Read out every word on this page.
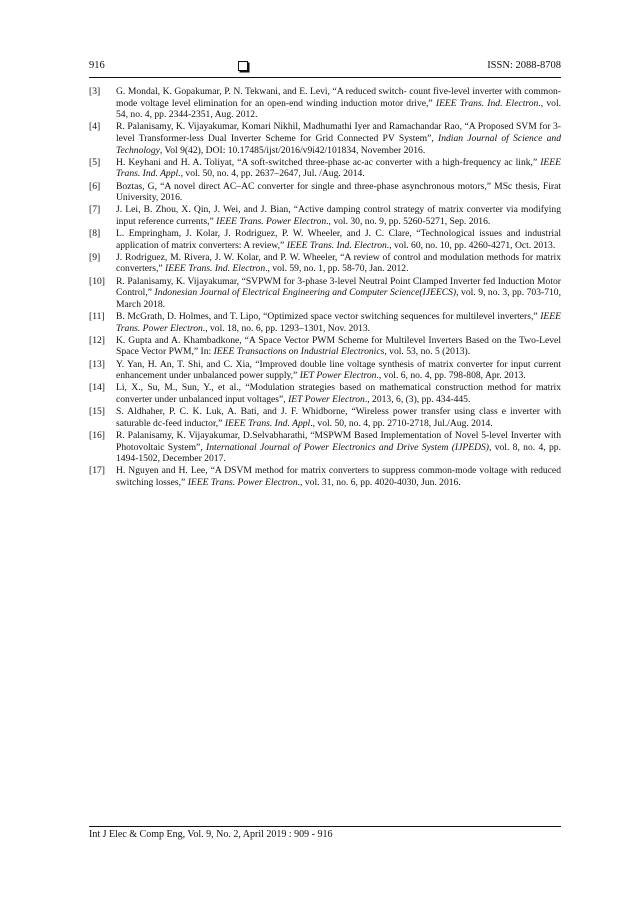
916	ISSN: 2088-8708
[3] G. Mondal, K. Gopakumar, P. N. Tekwani, and E. Levi, “A reduced switch- count five-level inverter with common-mode voltage level elimination for an open-end winding induction motor drive,” IEEE Trans. Ind. Electron., vol. 54, no. 4, pp. 2344-2351, Aug. 2012.
[4] R. Palanisamy, K. Vijayakumar, Komari Nikhil, Madhumathi Iyer and Ramachandar Rao, “A Proposed SVM for 3-level Transformer-less Dual Inverter Scheme for Grid Connected PV System”, Indian Journal of Science and Technology, Vol 9(42), DOI: 10.17485/ijst/2016/v9i42/101834, November 2016.
[5] H. Keyhani and H. A. Toliyat, “A soft-switched three-phase ac-ac converter with a high-frequency ac link,” IEEE Trans. Ind. Appl., vol. 50, no. 4, pp. 2637–2647, Jul. /Aug. 2014.
[6] Boztas, G, “A novel direct AC–AC converter for single and three-phase asynchronous motors,” MSc thesis, Firat University, 2016.
[7] J. Lei, B. Zhou, X. Qin, J. Wei, and J. Bian, “Active damping control strategy of matrix converter via modifying input reference currents,” IEEE Trans. Power Electron., vol. 30, no. 9, pp. 5260-5271, Sep. 2016.
[8] L. Empringham, J. Kolar, J. Rodriguez, P. W. Wheeler, and J. C. Clare, “Technological issues and industrial application of matrix converters: A review,” IEEE Trans. Ind. Electron., vol. 60, no. 10, pp. 4260-4271, Oct. 2013.
[9] J. Rodriguez, M. Rivera, J. W. Kolar, and P. W. Wheeler, “A review of control and modulation methods for matrix converters,” IEEE Trans. Ind. Electron., vol. 59, no. 1, pp. 58-70, Jan. 2012.
[10] R. Palanisamy, K. Vijayakumar, “SVPWM for 3-phase 3-level Neutral Point Clamped Inverter fed Induction Motor Control,” Indonesian Journal of Electrical Engineering and Computer Science(IJEECS), vol. 9, no. 3, pp. 703-710, March 2018.
[11] B. McGrath, D. Holmes, and T. Lipo, “Optimized space vector switching sequences for multilevel inverters,” IEEE Trans. Power Electron., vol. 18, no. 6, pp. 1293–1301, Nov. 2013.
[12] K. Gupta and A. Khambadkone, “A Space Vector PWM Scheme for Multilevel Inverters Based on the Two-Level Space Vector PWM,” In: IEEE Transactions on Industrial Electronics, vol. 53, no. 5 (2013).
[13] Y. Yan, H. An, T. Shi, and C. Xia, “Improved double line voltage synthesis of matrix converter for input current enhancement under unbalanced power supply,” IET Power Electron., vol. 6, no. 4, pp. 798-808, Apr. 2013.
[14] Li, X., Su, M., Sun, Y., et al., “Modulation strategies based on mathematical construction method for matrix converter under unbalanced input voltages”, IET Power Electron., 2013, 6, (3), pp. 434-445.
[15] S. Aldhaher, P. C. K. Luk, A. Bati, and J. F. Whidborne, “Wireless power transfer using class e inverter with saturable dc-feed inductor,” IEEE Trans. Ind. Appl., vol. 50, no. 4, pp. 2710-2718, Jul./Aug. 2014.
[16] R. Palanisamy, K. Vijayakumar, D.Selvabharathi, “MSPWM Based Implementation of Novel 5-level Inverter with Photovoltaic System”, International Journal of Power Electronics and Drive System (IJPEDS), vol. 8, no. 4, pp. 1494-1502, December 2017.
[17] H. Nguyen and H. Lee, “A DSVM method for matrix converters to suppress common-mode voltage with reduced switching losses,” IEEE Trans. Power Electron., vol. 31, no. 6, pp. 4020-4030, Jun. 2016.
Int J Elec & Comp Eng, Vol. 9, No. 2, April 2019 : 909 - 916
